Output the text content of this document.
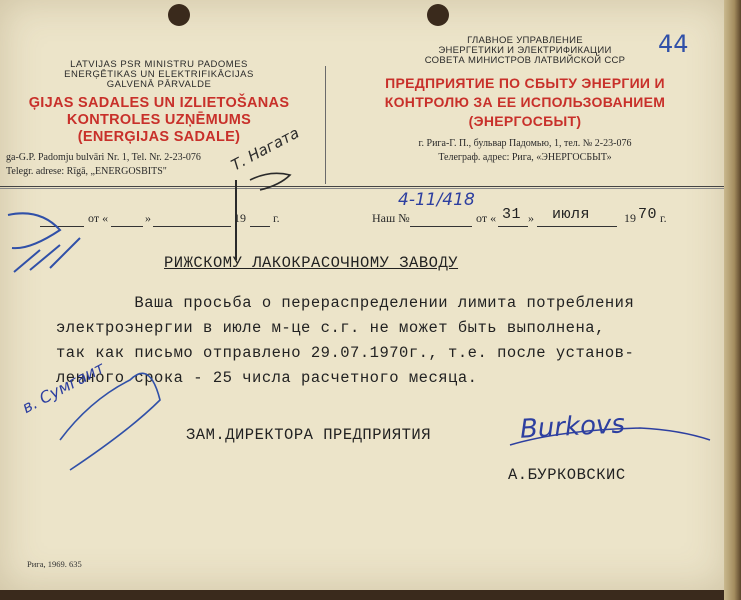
44
LATVIJAS PSR MINISTRU PADOMES
ENERĢĒTIKAS UN ELEKTRIFIKĀCIJAS
GALVENĀ PĀRVALDE
ĢIJAS SADALES UN IZLIETOŠANAS
KONTROLES UZŅĒMUMS
(ENERĢIJAS SADALE)
ga-G.P. Padomju bulvāri Nr. 1, Tel. Nr. 2-23-076
Telegr. adrese: Rīgā, „ENERGOSBITS"
ГЛАВНОЕ УПРАВЛЕНИЕ
ЭНЕРГЕТИКИ И ЭЛЕКТРИФИКАЦИИ
СОВЕТА МИНИСТРОВ ЛАТВИЙСКОЙ ССР
ПРЕДПРИЯТИЕ ПО СБЫТУ ЭНЕРГИИ И
КОНТРОЛЮ ЗА ЕЕ ИСПОЛЬЗОВАНИЕМ
(ЭНЕРГОСБЫТ)
г. Рига-Г. П., бульвар Падомью, 1, тел. № 2-23-076
Телеграф. адрес: Рига, «ЭНЕРГОСБЫТ»
от «	»	19 г.	Наш №
4-11/418
от « 31 » июля	19 70 г.
РИЖСКОМУ ЛАКОКРАСОЧНОМУ ЗАВОДУ
Ваша просьба о перераспределении лимита потребления
электроэнергии в июле м-це с.г. не может быть выполнена,
так как письмо отправлено 29.07.1970г., т.е. после установ-
ленного срока - 25 числа расчетного месяца.
ЗАМ.ДИРЕКТОРА ПРЕДПРИЯТИЯ
А.БУРКОВСКИС
Burkovs
Т. Нагата
в. Сумгаит
Рига, 1969. 635
